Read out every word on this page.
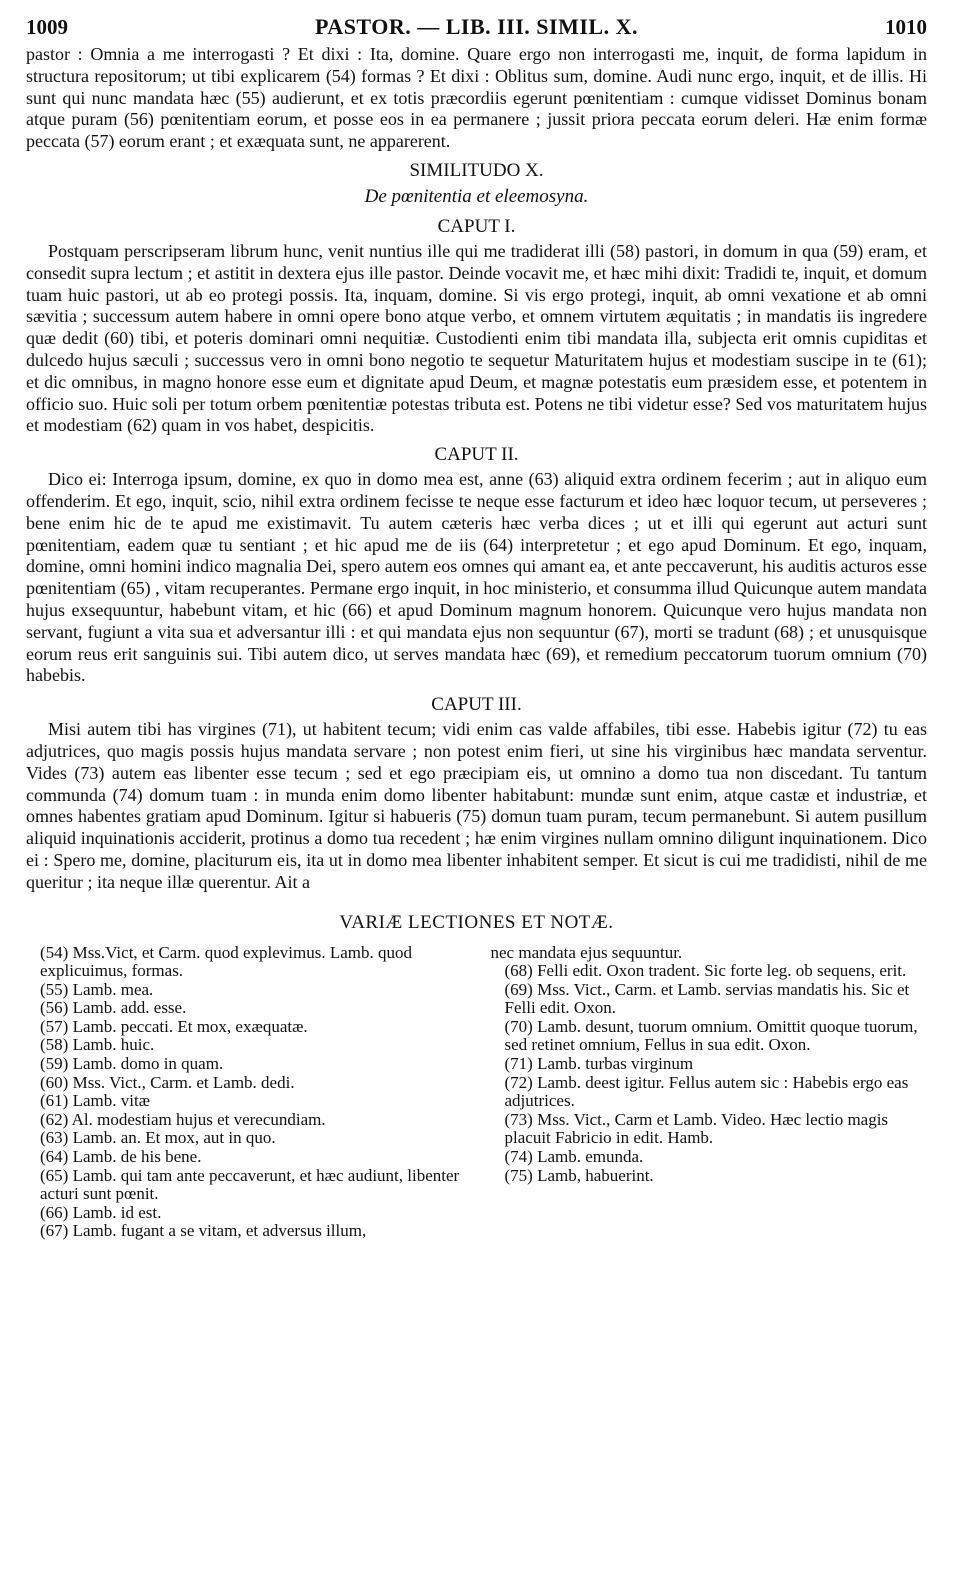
1009	PASTOR. — LIB. III. SIMIL. X.	1010

pastor : Omnia a me interrogasti ? Et dixi : Ita, domine. Quare ergo non interrogasti me, inquit, de forma lapidum in structura repositorum; ut tibi explicarem (54) formas ? Et dixi : Oblitus sum, domine. Audi nunc ergo, inquit, et de illis. Hi sunt qui nunc mandata hæc (55) audierunt, et ex totis præcordiis egerunt pœnitentiam : cumque vidisset Dominus bonam atque puram (56) pœnitentiam eorum, et posse eos in ea permanere ; jussit priora peccata eorum deleri. Hæ enim formæ peccata (57) eorum erant ; et exæquata sunt, ne apparerent.

SIMILITUDO X.
De pœnitentia et eleemosyna.
CAPUT I.

Postquam perscripseram librum hunc, venit nuntius ille qui me tradiderat illi (58) pastori, in domum in qua (59) eram, et consedit supra lectum ; et astitit in dextera ejus ille pastor. Deinde vocavit me, et hæc mihi dixit: Tradidi te, inquit, et domum tuam huic pastori, ut ab eo protegi possis. Ita, inquam, domine. Si vis ergo protegi, inquit, ab omni vexatione et ab omni sævitia ; successum autem habere in omni opere bono atque verbo, et omnem virtutem æquitatis ; in mandatis iis ingredere quæ dedit (60) tibi, et poteris dominari omni nequitiæ. Custodienti enim tibi mandata illa, subjecta erit omnis cupiditas et dulcedo hujus sæculi ; successus vero in omni bono negotio te sequetur Maturitatem hujus et modestiam suscipe in te (61); et dic omnibus, in magno honore esse eum et dignitate apud Deum, et magnæ potestatis eum præsidem esse, et potentem in officio suo. Huic soli per totum orbem pœnitentiæ potestas tributa est. Potens ne tibi videtur esse? Sed vos maturitatem hujus et modestiam (62) quam in vos habet, despicitis.

CAPUT II.

Dico ei: Interroga ipsum, domine, ex quo in domo mea est, anne (63) aliquid extra ordinem fecerim ; aut in aliquo eum offenderim. Et ego, inquit, scio, nihil extra ordinem fecisse te neque esse facturum et ideo hæc loquor tecum, ut perseveres ; bene enim hic de te apud me existimavit. Tu autem cæteris hæc verba dices ; ut et illi qui egerunt aut acturi sunt pœnitentiam, eadem quæ tu sentiant ; et hic apud me de iis (64) interpretetur ; et ego apud Dominum. Et ego, inquam, domine, omni homini indico magnalia Dei, spero autem eos omnes qui amant ea, et ante peccaverunt, his auditis acturos esse pœnitentiam (65) , vitam recuperantes. Permane ergo inquit, in hoc ministerio, et consumma illud Quicunque autem mandata hujus exsequuntur, habebunt vitam, et hic (66) et apud Dominum magnum honorem. Quicunque vero hujus mandata non servant, fugiunt a vita sua et adversantur illi : et qui mandata ejus non sequuntur (67), morti se tradunt (68) ; et unusquisque eorum reus erit sanguinis sui. Tibi autem dico, ut serves mandata hæc (69), et remedium peccatorum tuorum omnium (70) habebis.

CAPUT III.

Misi autem tibi has virgines (71), ut habitent tecum; vidi enim cas valde affabiles, tibi esse. Habebis igitur (72) tu eas adjutrices, quo magis possis hujus mandata servare ; non potest enim fieri, ut sine his virginibus hæc mandata serventur. Vides (73) autem eas libenter esse tecum ; sed et ego præcipiam eis, ut omnino a domo tua non discedant. Tu tantum communda (74) domum tuam : in munda enim domo libenter habitabunt: mundæ sunt enim, atque castæ et industriæ, et omnes habentes gratiam apud Dominum. Igitur si habueris (75) domun tuam puram, tecum permanebunt. Si autem pusillum aliquid inquinationis acciderit, protinus a domo tua recedent ; hæ enim virgines nullam omnino diligunt inquinationem. Dico ei : Spero me, domine, placiturum eis, ita ut in domo mea libenter inhabitent semper. Et sicut is cui me tradidisti, nihil de me queritur ; ita neque illæ querentur. Ait a

VARIÆ LECTIONES ET NOTÆ.

(54) Mss.Vict, et Carm. quod explevimus. Lamb. quod explicuimus, formas.

(55) Lamb. mea.

(56) Lamb. add. esse.

(57) Lamb. peccati. Et mox, exæquatæ.

(58) Lamb. huic.

(59) Lamb. domo in quam.

(60) Mss. Vict., Carm. et Lamb. dedi.

(61) Lamb. vitæ

(62) Al. modestiam hujus et verecundiam.

(63) Lamb. an. Et mox, aut in quo.

(64) Lamb. de his bene.

(65) Lamb. qui tam ante peccaverunt, et hæc audiunt, libenter acturi sunt pœnit.

(66) Lamb. id est.

(67) Lamb. fugant a se vitam, et adversus illum,

nec mandata ejus sequuntur.

(68) Felli edit. Oxon tradent. Sic forte leg. ob sequens, erit.

(69) Mss. Vict., Carm. et Lamb. servias mandatis his. Sic et Felli edit. Oxon.

(70) Lamb. desunt, tuorum omnium. Omittit quoque tuorum, sed retinet omnium, Fellus in sua edit. Oxon.

(71) Lamb. turbas virginum

(72) Lamb. deest igitur. Fellus autem sic : Habebis ergo eas adjutrices.

(73) Mss. Vict., Carm et Lamb. Video. Hæc lectio magis placuit Fabricio in edit. Hamb.

(74) Lamb. emunda.

(75) Lamb, habuerint.
